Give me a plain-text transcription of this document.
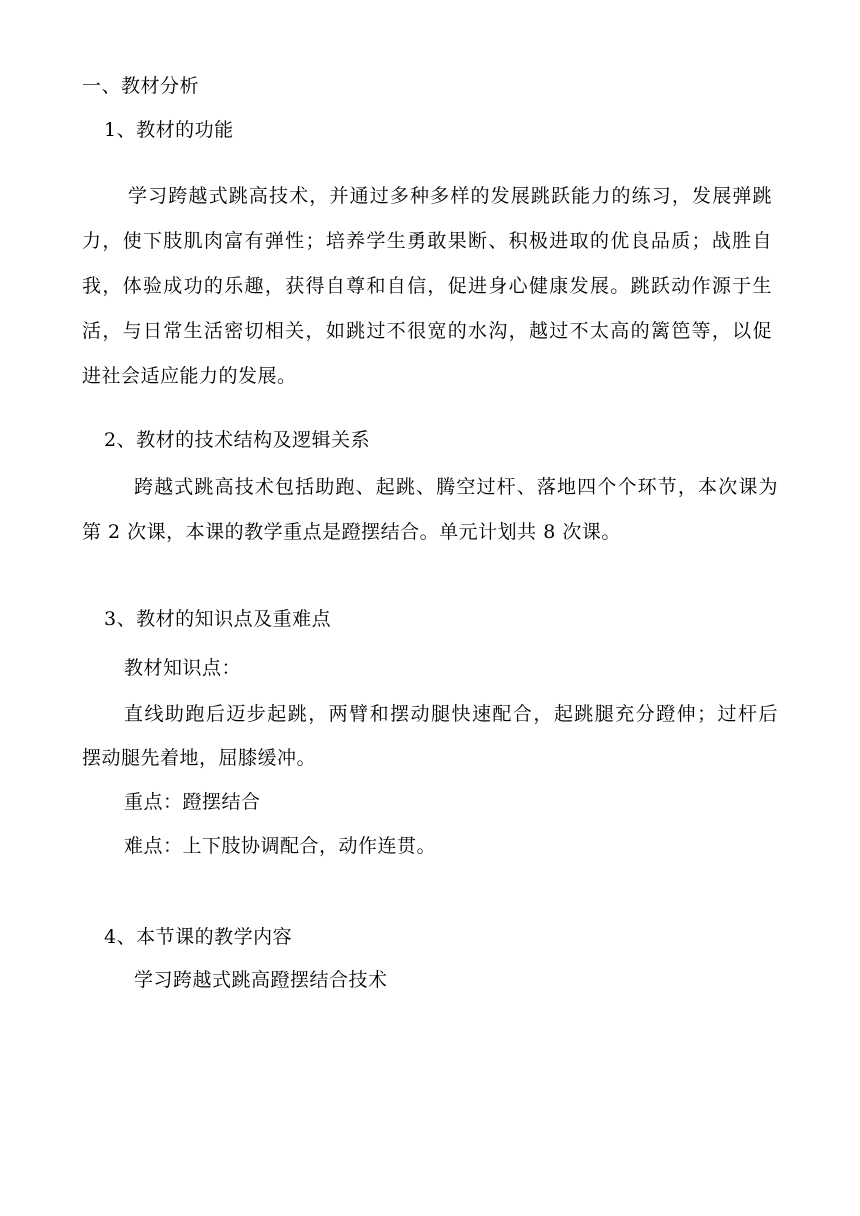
一、教材分析
1、教材的功能
学习跨越式跳高技术，并通过多种多样的发展跳跃能力的练习，发展弹跳
力，使下肢肌肉富有弹性；培养学生勇敢果断、积极进取的优良品质；战胜自
我，体验成功的乐趣，获得自尊和自信，促进身心健康发展。跳跃动作源于生
活，与日常生活密切相关，如跳过不很宽的水沟，越过不太高的篱笆等，以促
进社会适应能力的发展。
2、教材的技术结构及逻辑关系
跨越式跳高技术包括助跑、起跳、腾空过杆、落地四个个环节，本次课为
第 2 次课，本课的教学重点是蹬摆结合。单元计划共 8 次课。
3、教材的知识点及重难点
教材知识点：
直线助跑后迈步起跳，两臂和摆动腿快速配合，起跳腿充分蹬伸；过杆后
摆动腿先着地，屈膝缓冲。
重点：蹬摆结合
难点：上下肢协调配合，动作连贯。
4、本节课的教学内容
学习跨越式跳高蹬摆结合技术
